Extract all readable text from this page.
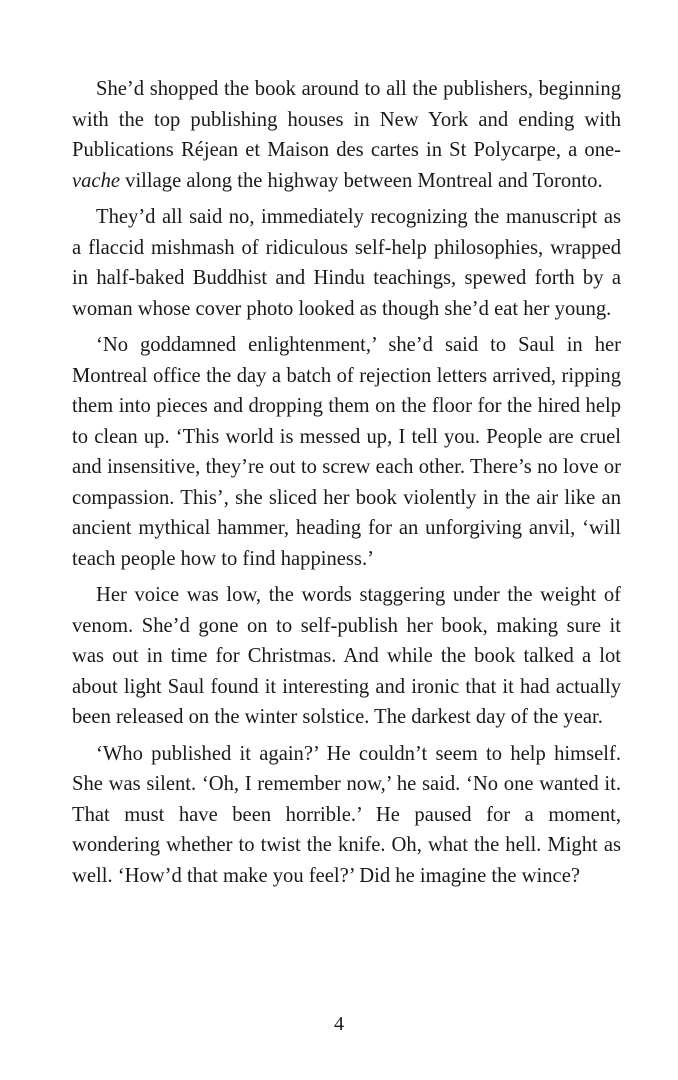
She’d shopped the book around to all the publishers, beginning with the top publishing houses in New York and ending with Publications Réjean et Maison des cartes in St Polycarpe, a one-vache village along the highway between Montreal and Toronto.

They’d all said no, immediately recognizing the manuscript as a flaccid mishmash of ridiculous self-help philosophies, wrapped in half-baked Buddhist and Hindu teachings, spewed forth by a woman whose cover photo looked as though she’d eat her young.

‘No goddamned enlightenment,’ she’d said to Saul in her Montreal office the day a batch of rejection letters arrived, ripping them into pieces and dropping them on the floor for the hired help to clean up. ‘This world is messed up, I tell you. People are cruel and insensitive, they’re out to screw each other. There’s no love or compassion. This’, she sliced her book violently in the air like an ancient mythical hammer, heading for an unforgiving anvil, ‘will teach people how to find happiness.’

Her voice was low, the words staggering under the weight of venom. She’d gone on to self-publish her book, making sure it was out in time for Christmas. And while the book talked a lot about light Saul found it interesting and ironic that it had actually been released on the winter solstice. The darkest day of the year.

‘Who published it again?’ He couldn’t seem to help himself. She was silent. ‘Oh, I remember now,’ he said. ‘No one wanted it. That must have been horrible.’ He paused for a moment, wondering whether to twist the knife. Oh, what the hell. Might as well. ‘How’d that make you feel?’ Did he imagine the wince?

4
